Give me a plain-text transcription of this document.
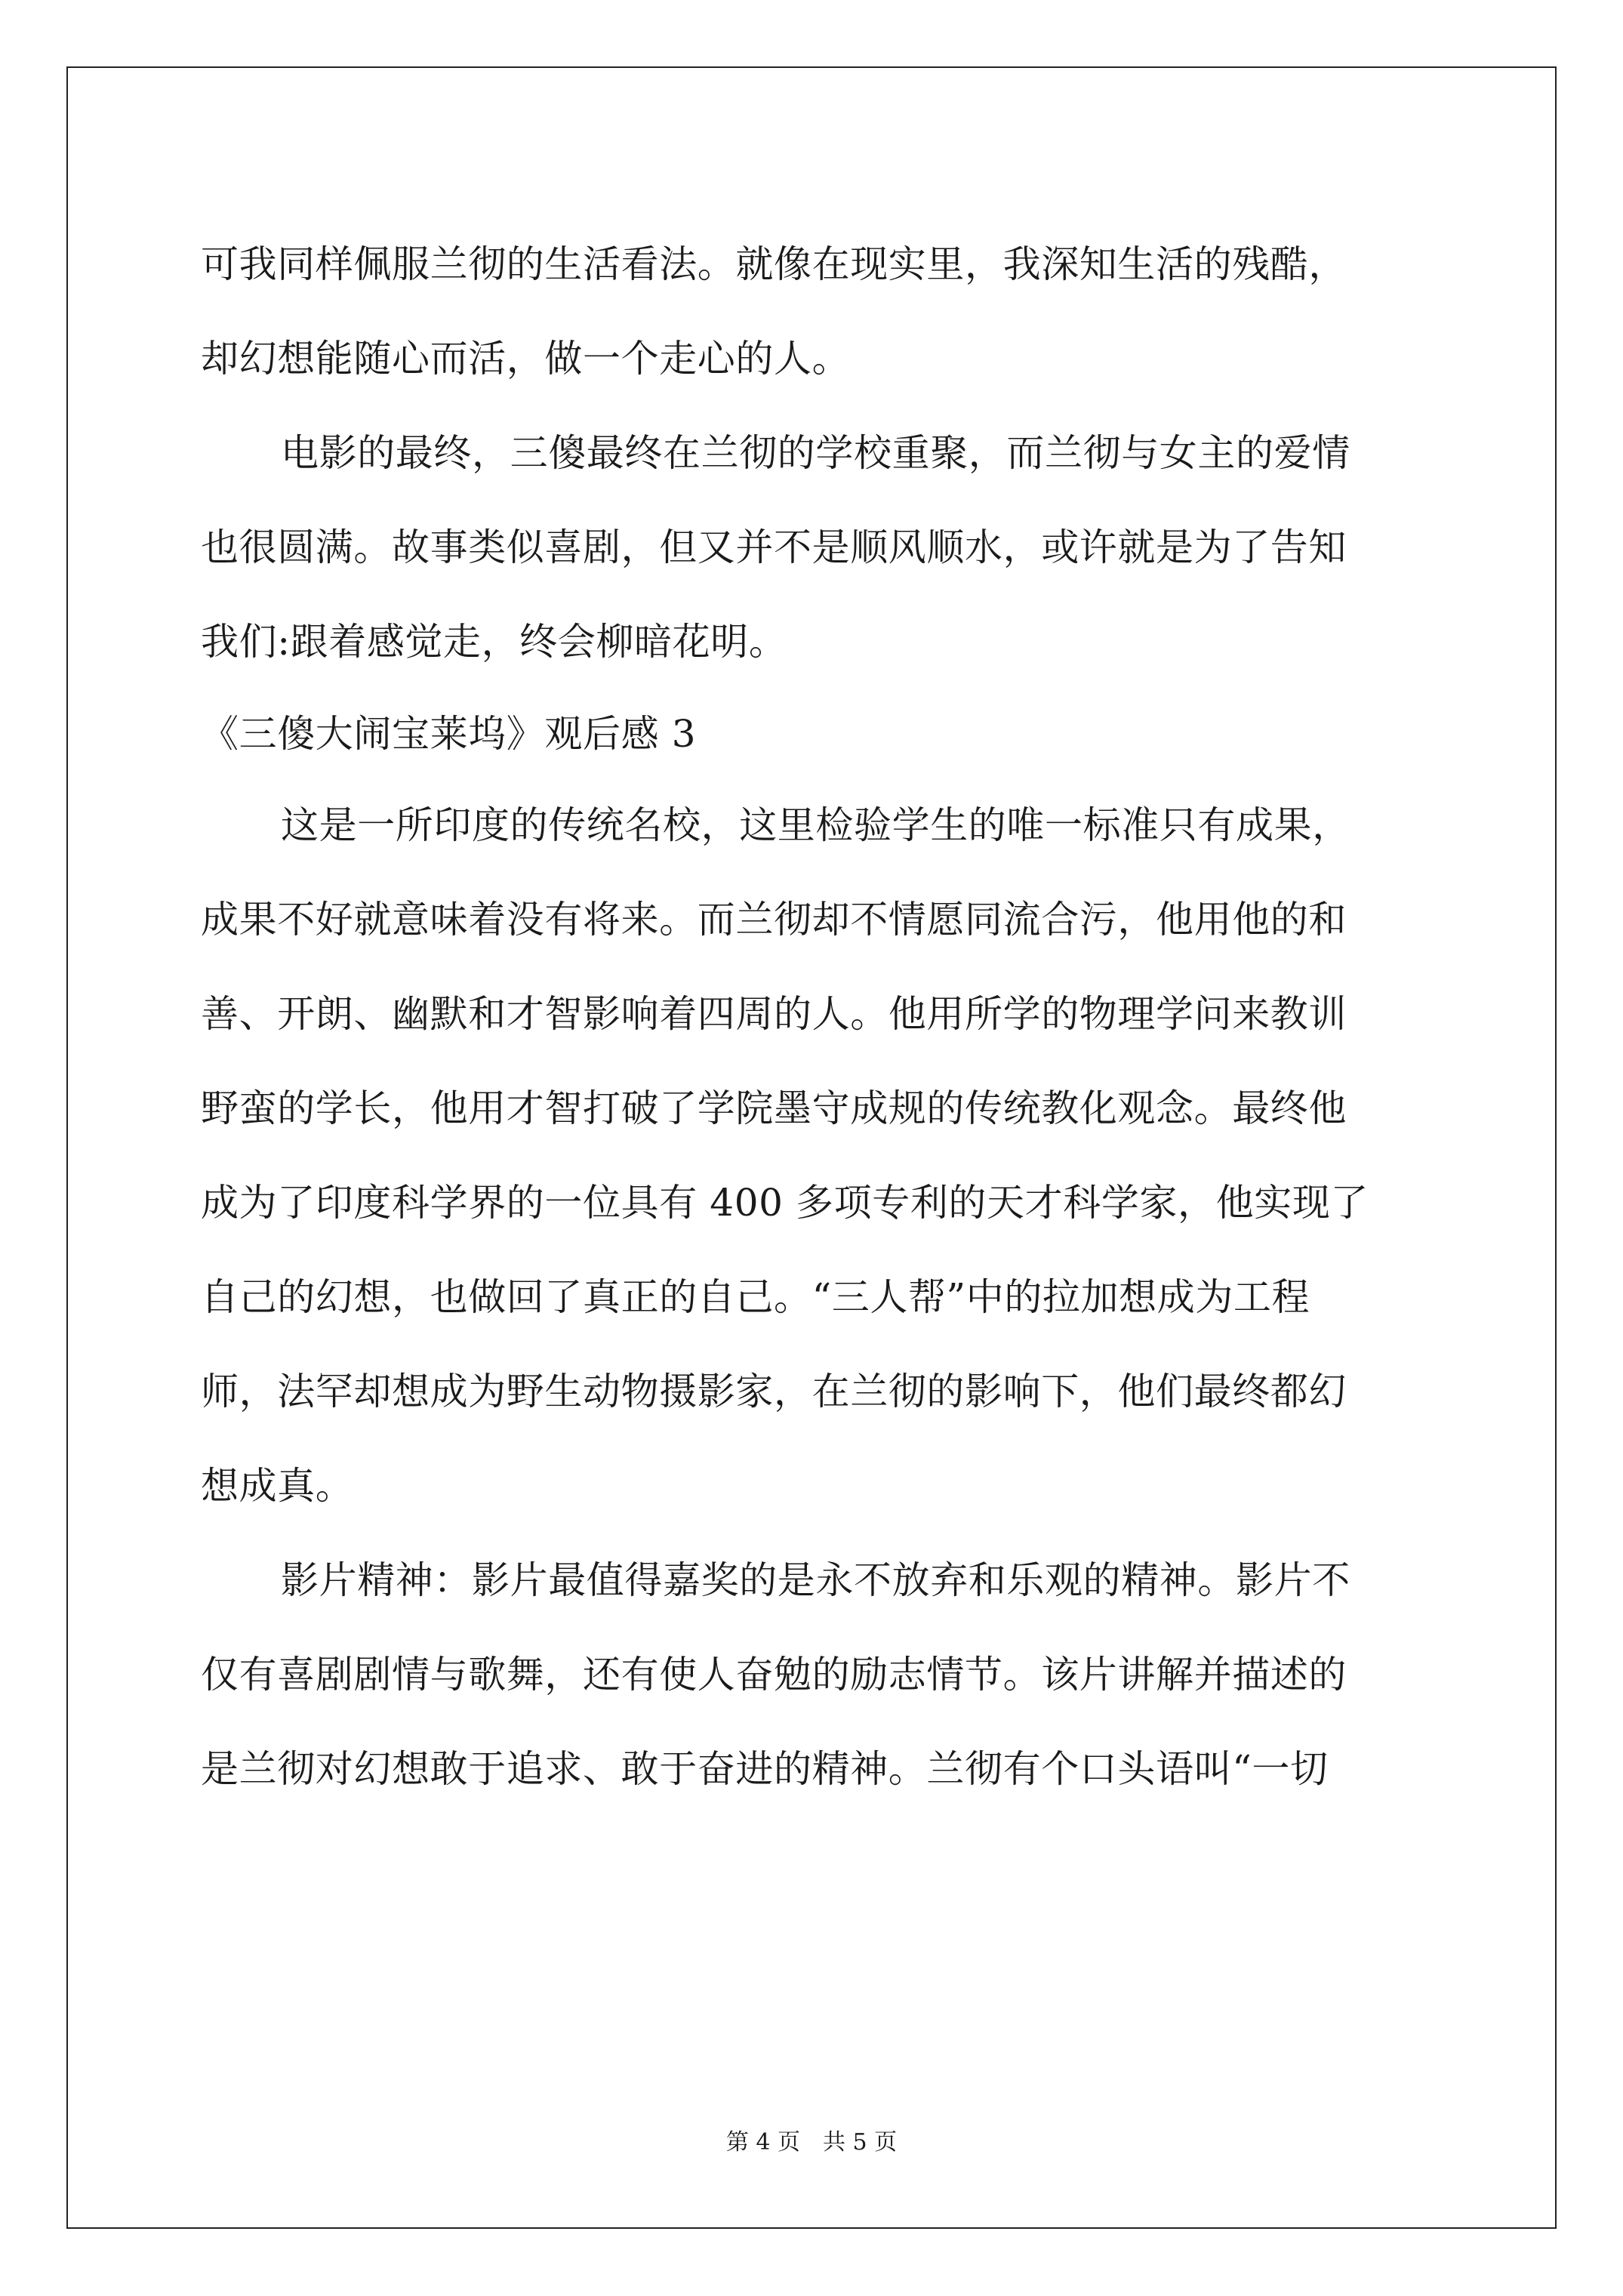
可我同样佩服兰彻的生活看法。就像在现实里，我深知生活的残酷，
却幻想能随心而活，做一个走心的人。
电影的最终，三傻最终在兰彻的学校重聚，而兰彻与女主的爱情
也很圆满。故事类似喜剧，但又并不是顺风顺水，或许就是为了告知
我们:跟着感觉走，终会柳暗花明。
《三傻大闹宝莱坞》观后感 3
这是一所印度的传统名校，这里检验学生的唯一标准只有成果，
成果不好就意味着没有将来。而兰彻却不情愿同流合污，他用他的和
善、开朗、幽默和才智影响着四周的人。他用所学的物理学问来教训
野蛮的学长，他用才智打破了学院墨守成规的传统教化观念。最终他
成为了印度科学界的一位具有 400 多项专利的天才科学家，他实现了
自己的幻想，也做回了真正的自己。“三人帮”中的拉加想成为工程
师，法罕却想成为野生动物摄影家，在兰彻的影响下，他们最终都幻
想成真。
影片精神：影片最值得嘉奖的是永不放弃和乐观的精神。影片不
仅有喜剧剧情与歌舞，还有使人奋勉的励志情节。该片讲解并描述的
是兰彻对幻想敢于追求、敢于奋进的精神。兰彻有个口头语叫“一切
第 4 页 共 5 页
